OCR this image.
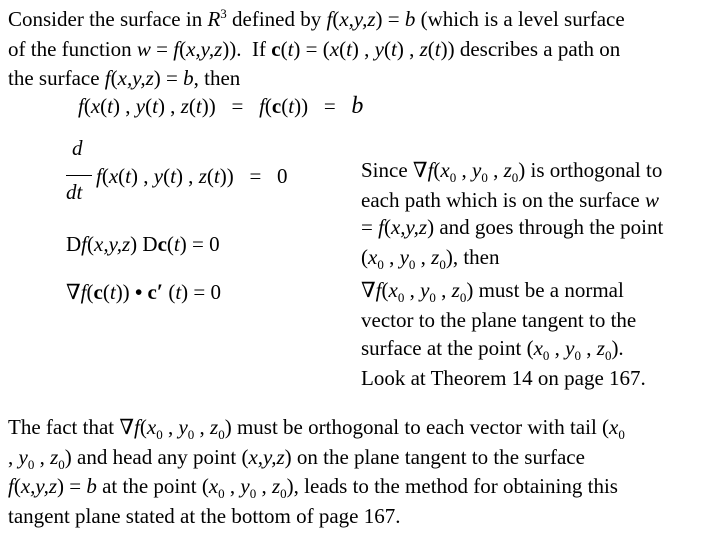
Consider the surface in $R^3$ defined by f(x,y,z) = b (which is a level surface
of the function w = f(x,y,z)).  If c(t) = (x(t) , y(t) , z(t)) describes a path on
the surface f(x,y,z) = b, then
f(x(t) , y(t) , z(t))   =   f(c(t))   =   b
d
dt
f(x(t) , y(t) , z(t))   =   0
Df(x,y,z) Dc(t) = 0
∇f(c(t)) • c′ (t) = 0
Since $\nabla f(x_0$ , $y_0$ , $z_0$) is orthogonal to
each path which is on the surface w
= f(x,y,z) and goes through the point
($x_0$ , $y_0$ , $z_0$), then
$\nabla f(x_0$ , $y_0$ , $z_0$) must be a normal
vector to the plane tangent to the
surface at the point ($x_0$ , $y_0$ , $z_0$).
Look at Theorem 14 on page 167.
The fact that $\nabla f(x_0$ , $y_0$ , $z_0$) must be orthogonal to each vector with tail ($x_0$
, $y_0$ , $z_0$) and head any point (x,y,z) on the plane tangent to the surface
f(x,y,z) = b at the point ($x_0$ , $y_0$ , $z_0$), leads to the method for obtaining this
tangent plane stated at the bottom of page 167.
